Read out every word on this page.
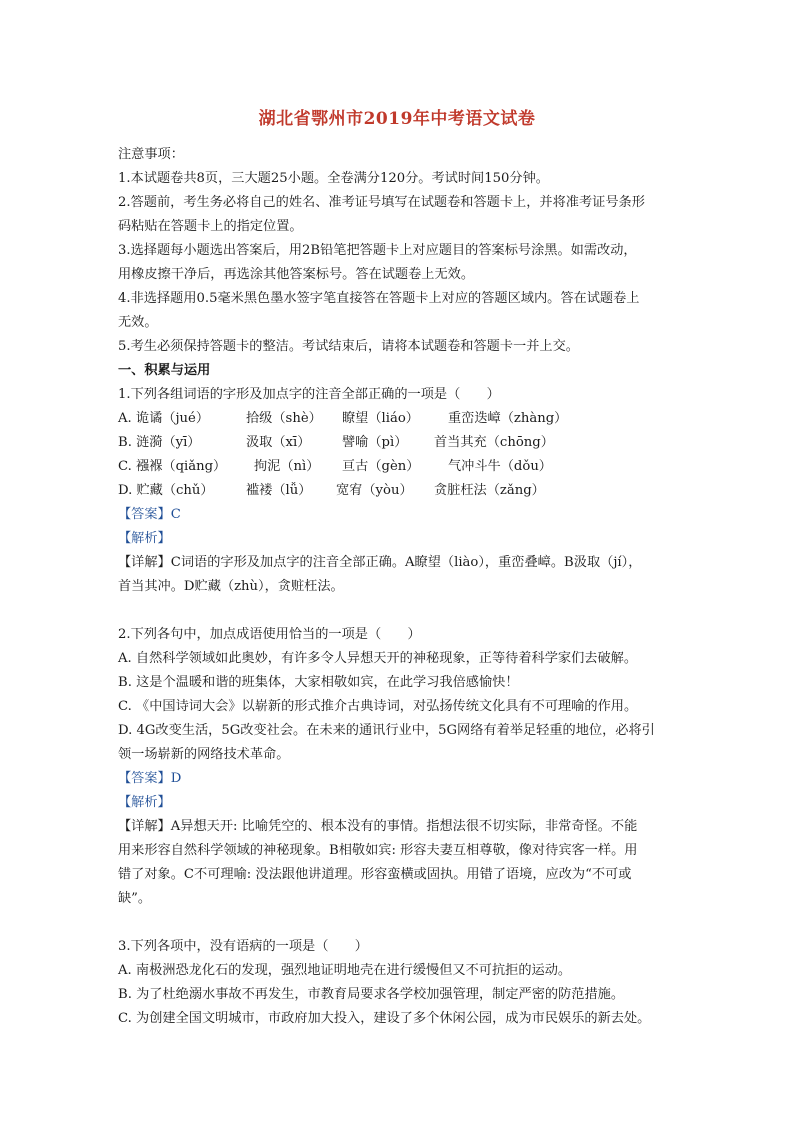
湖北省鄂州市2019年中考语文试卷
注意事项：
1.本试题卷共8页，三大题25小题。全卷满分120分。考试时间150分钟。
2.答题前，考生务必将自己的姓名、准考证号填写在试题卷和答题卡上，并将准考证号条形
码粘贴在答题卡上的指定位置。
3.选择题每小题选出答案后，用2B铅笔把答题卡上对应题目的答案标号涂黑。如需改动，
用橡皮擦干净后，再选涂其他答案标号。答在试题卷上无效。
4.非选择题用0.5毫米黑色墨水签字笔直接答在答题卡上对应的答题区域内。答在试题卷上
无效。
5.考生必须保持答题卡的整洁。考试结束后，请将本试题卷和答题卡一并上交。
一、积累与运用
1.下列各组词语的字形及加点字的注音全部正确的一项是（　　）
A. 诡谲（jué）	拾级（shè） 瞭望（liáo） 重峦迭嶂（zhàng）
B. 涟漪（yī）	汲取（xī） 譬喻（pì） 首当其充（chōng）
C. 襁褓（qiǎng） 拘泥（nì） 亘古（gèn） 气冲斗牛（dǒu）
D. 贮藏（chǔ） 褴褛（lǚ） 宽宥（yòu） 贪脏枉法（zǎng）
【答案】C
【解析】
【详解】C词语的字形及加点字的注音全部正确。A瞭望（liào），重峦叠嶂。B汲取（jí），
首当其冲。D贮藏（zhù），贪赃枉法。
2.下列各句中，加点成语使用恰当的一项是（　　）
A. 自然科学领域如此奥妙，有许多令人异想天开的神秘现象，正等待着科学家们去破解。
B. 这是个温暖和谐的班集体，大家相敬如宾，在此学习我倍感愉快！
C. 《中国诗词大会》以崭新的形式推介古典诗词，对弘扬传统文化具有不可理喻的作用。
D. 4G改变生活，5G改变社会。在未来的通讯行业中，5G网络有着举足轻重的地位，必将引
领一场崭新的网络技术革命。
【答案】D
【解析】
【详解】A异想天开: 比喻凭空的、根本没有的事情。指想法很不切实际，非常奇怪。不能
用来形容自然科学领域的神秘现象。B相敬如宾: 形容夫妻互相尊敬，像对待宾客一样。用
错了对象。C不可理喻: 没法跟他讲道理。形容蛮横或固执。用错了语境，应改为“不可或
缺”。
3.下列各项中，没有语病的一项是（　　）
A. 南极洲恐龙化石的发现，强烈地证明地壳在进行缓慢但又不可抗拒的运动。
B. 为了杜绝溺水事故不再发生，市教育局要求各学校加强管理，制定严密的防范措施。
C. 为创建全国文明城市，市政府加大投入，建设了多个休闲公园，成为市民娱乐的新去处。
